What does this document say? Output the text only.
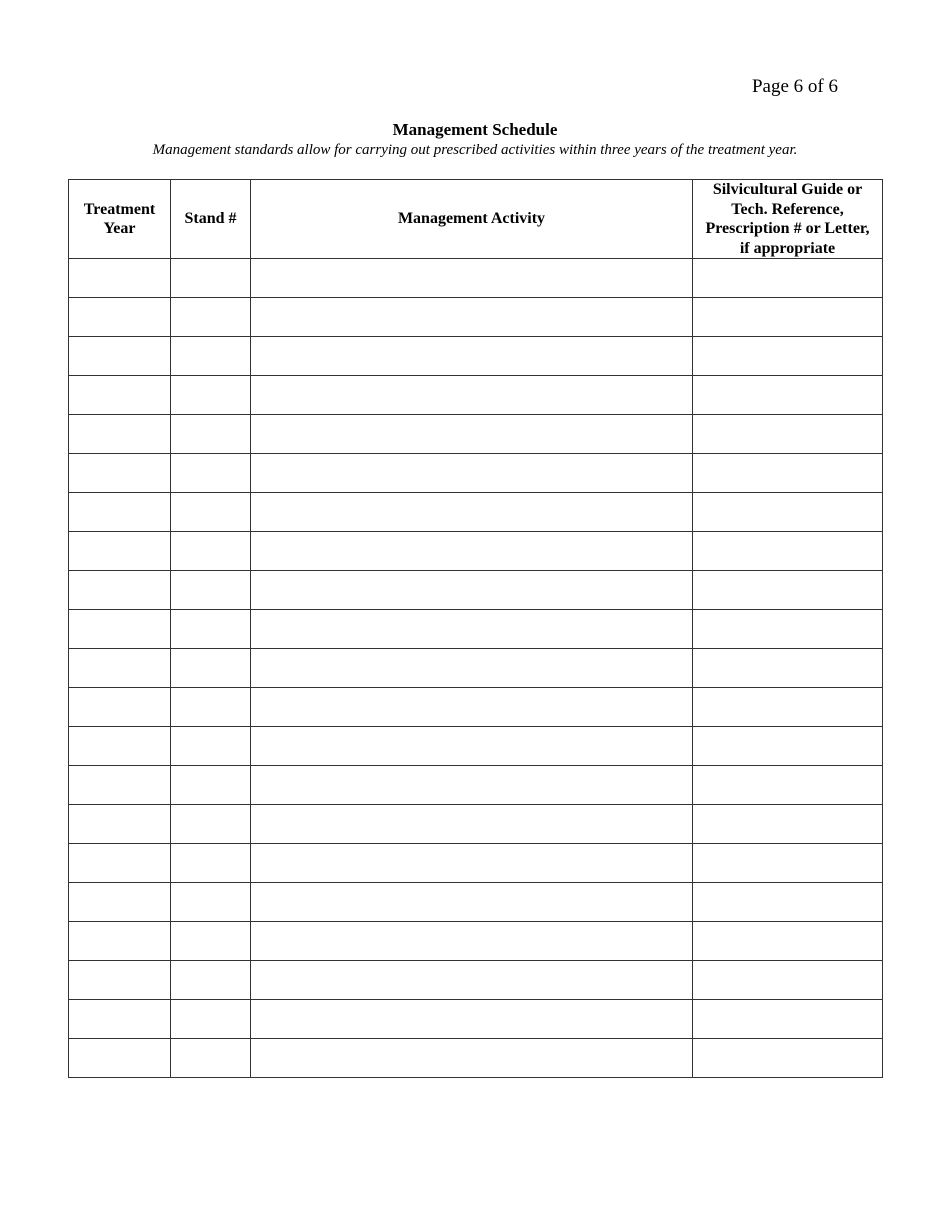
Page 6 of 6
Management Schedule
Management standards allow for carrying out prescribed activities within three years of the treatment year.
Treatment Year	Stand #	Management Activity	Silvicultural Guide or Tech. Reference, Prescription # or Letter, if appropriate
